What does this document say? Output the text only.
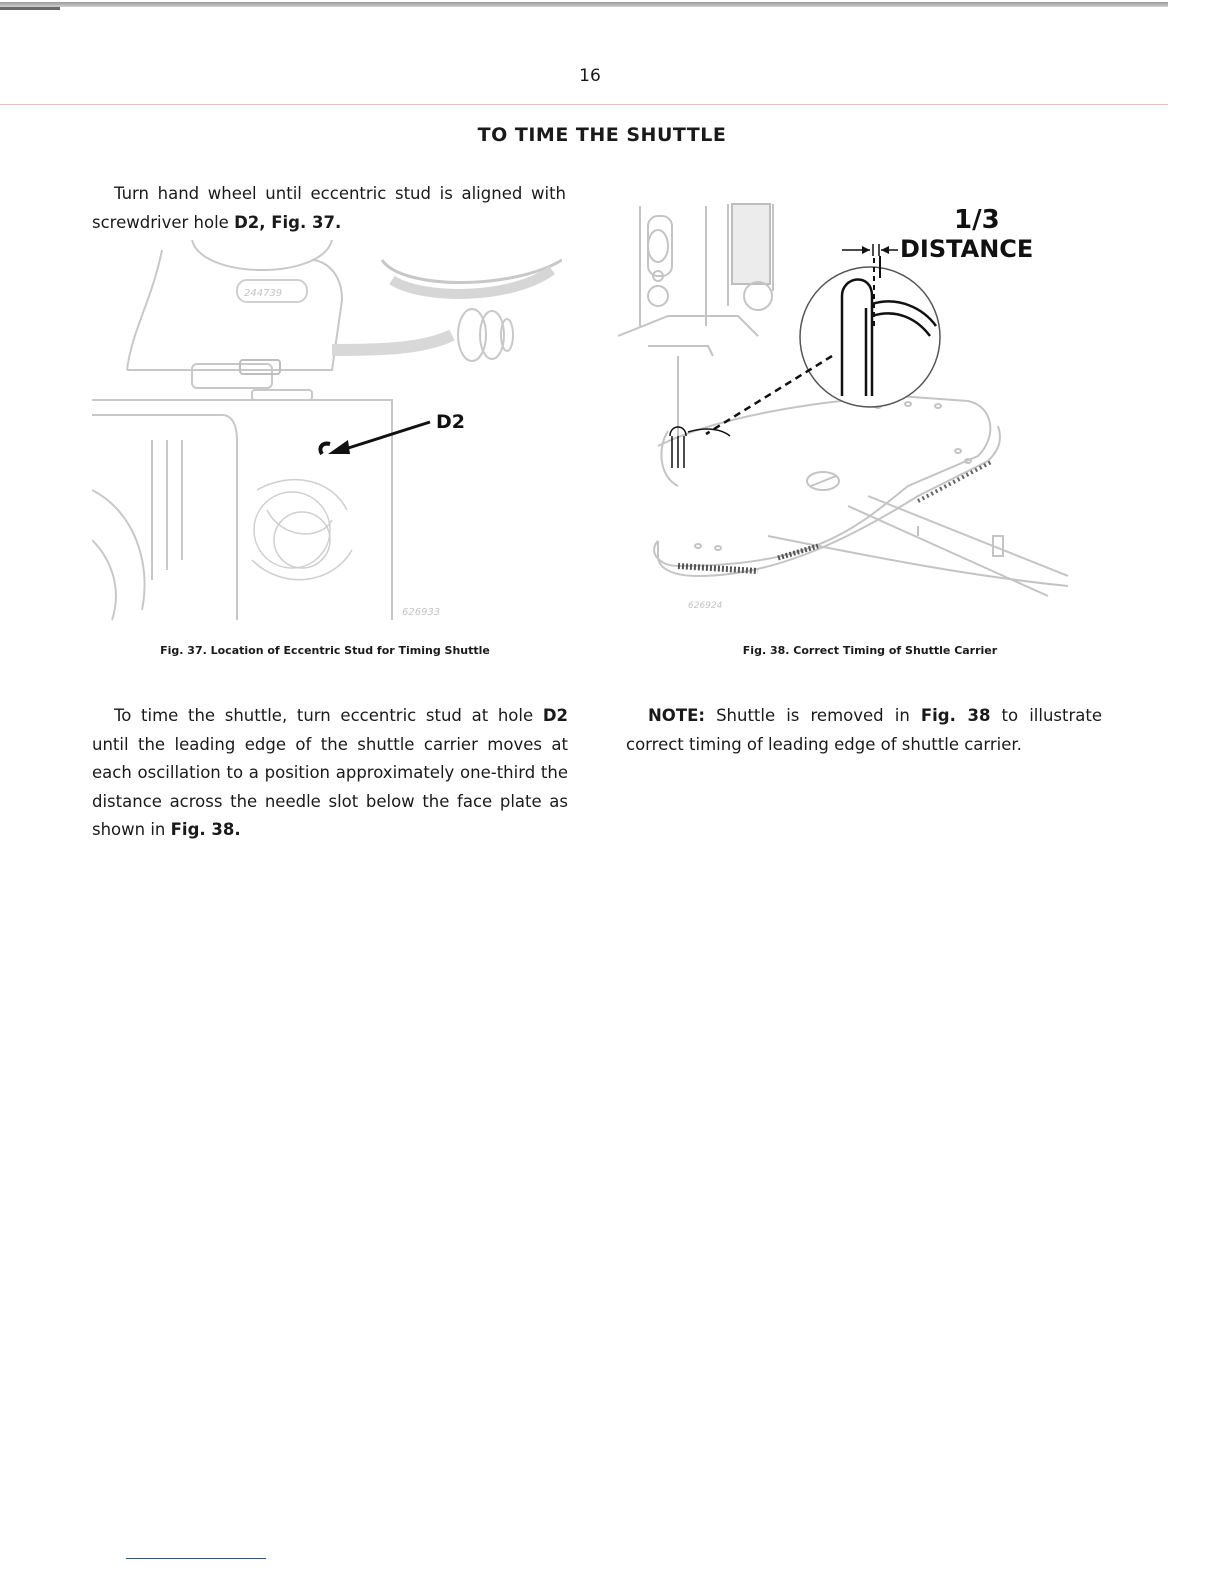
16
TO TIME THE SHUTTLE
Turn hand wheel until eccentric stud is aligned with screwdriver hole D2, Fig. 37.
626933
244739
D2
Fig. 37. Location of Eccentric Stud for Timing Shuttle
626924
1/3
DISTANCE
Fig. 38. Correct Timing of Shuttle Carrier
To time the shuttle, turn eccentric stud at hole D2 until the leading edge of the shuttle carrier moves at each oscillation to a position approximately one-third the distance across the needle slot below the face plate as shown in Fig. 38.
NOTE: Shuttle is removed in Fig. 38 to illustrate correct timing of leading edge of shuttle carrier.
